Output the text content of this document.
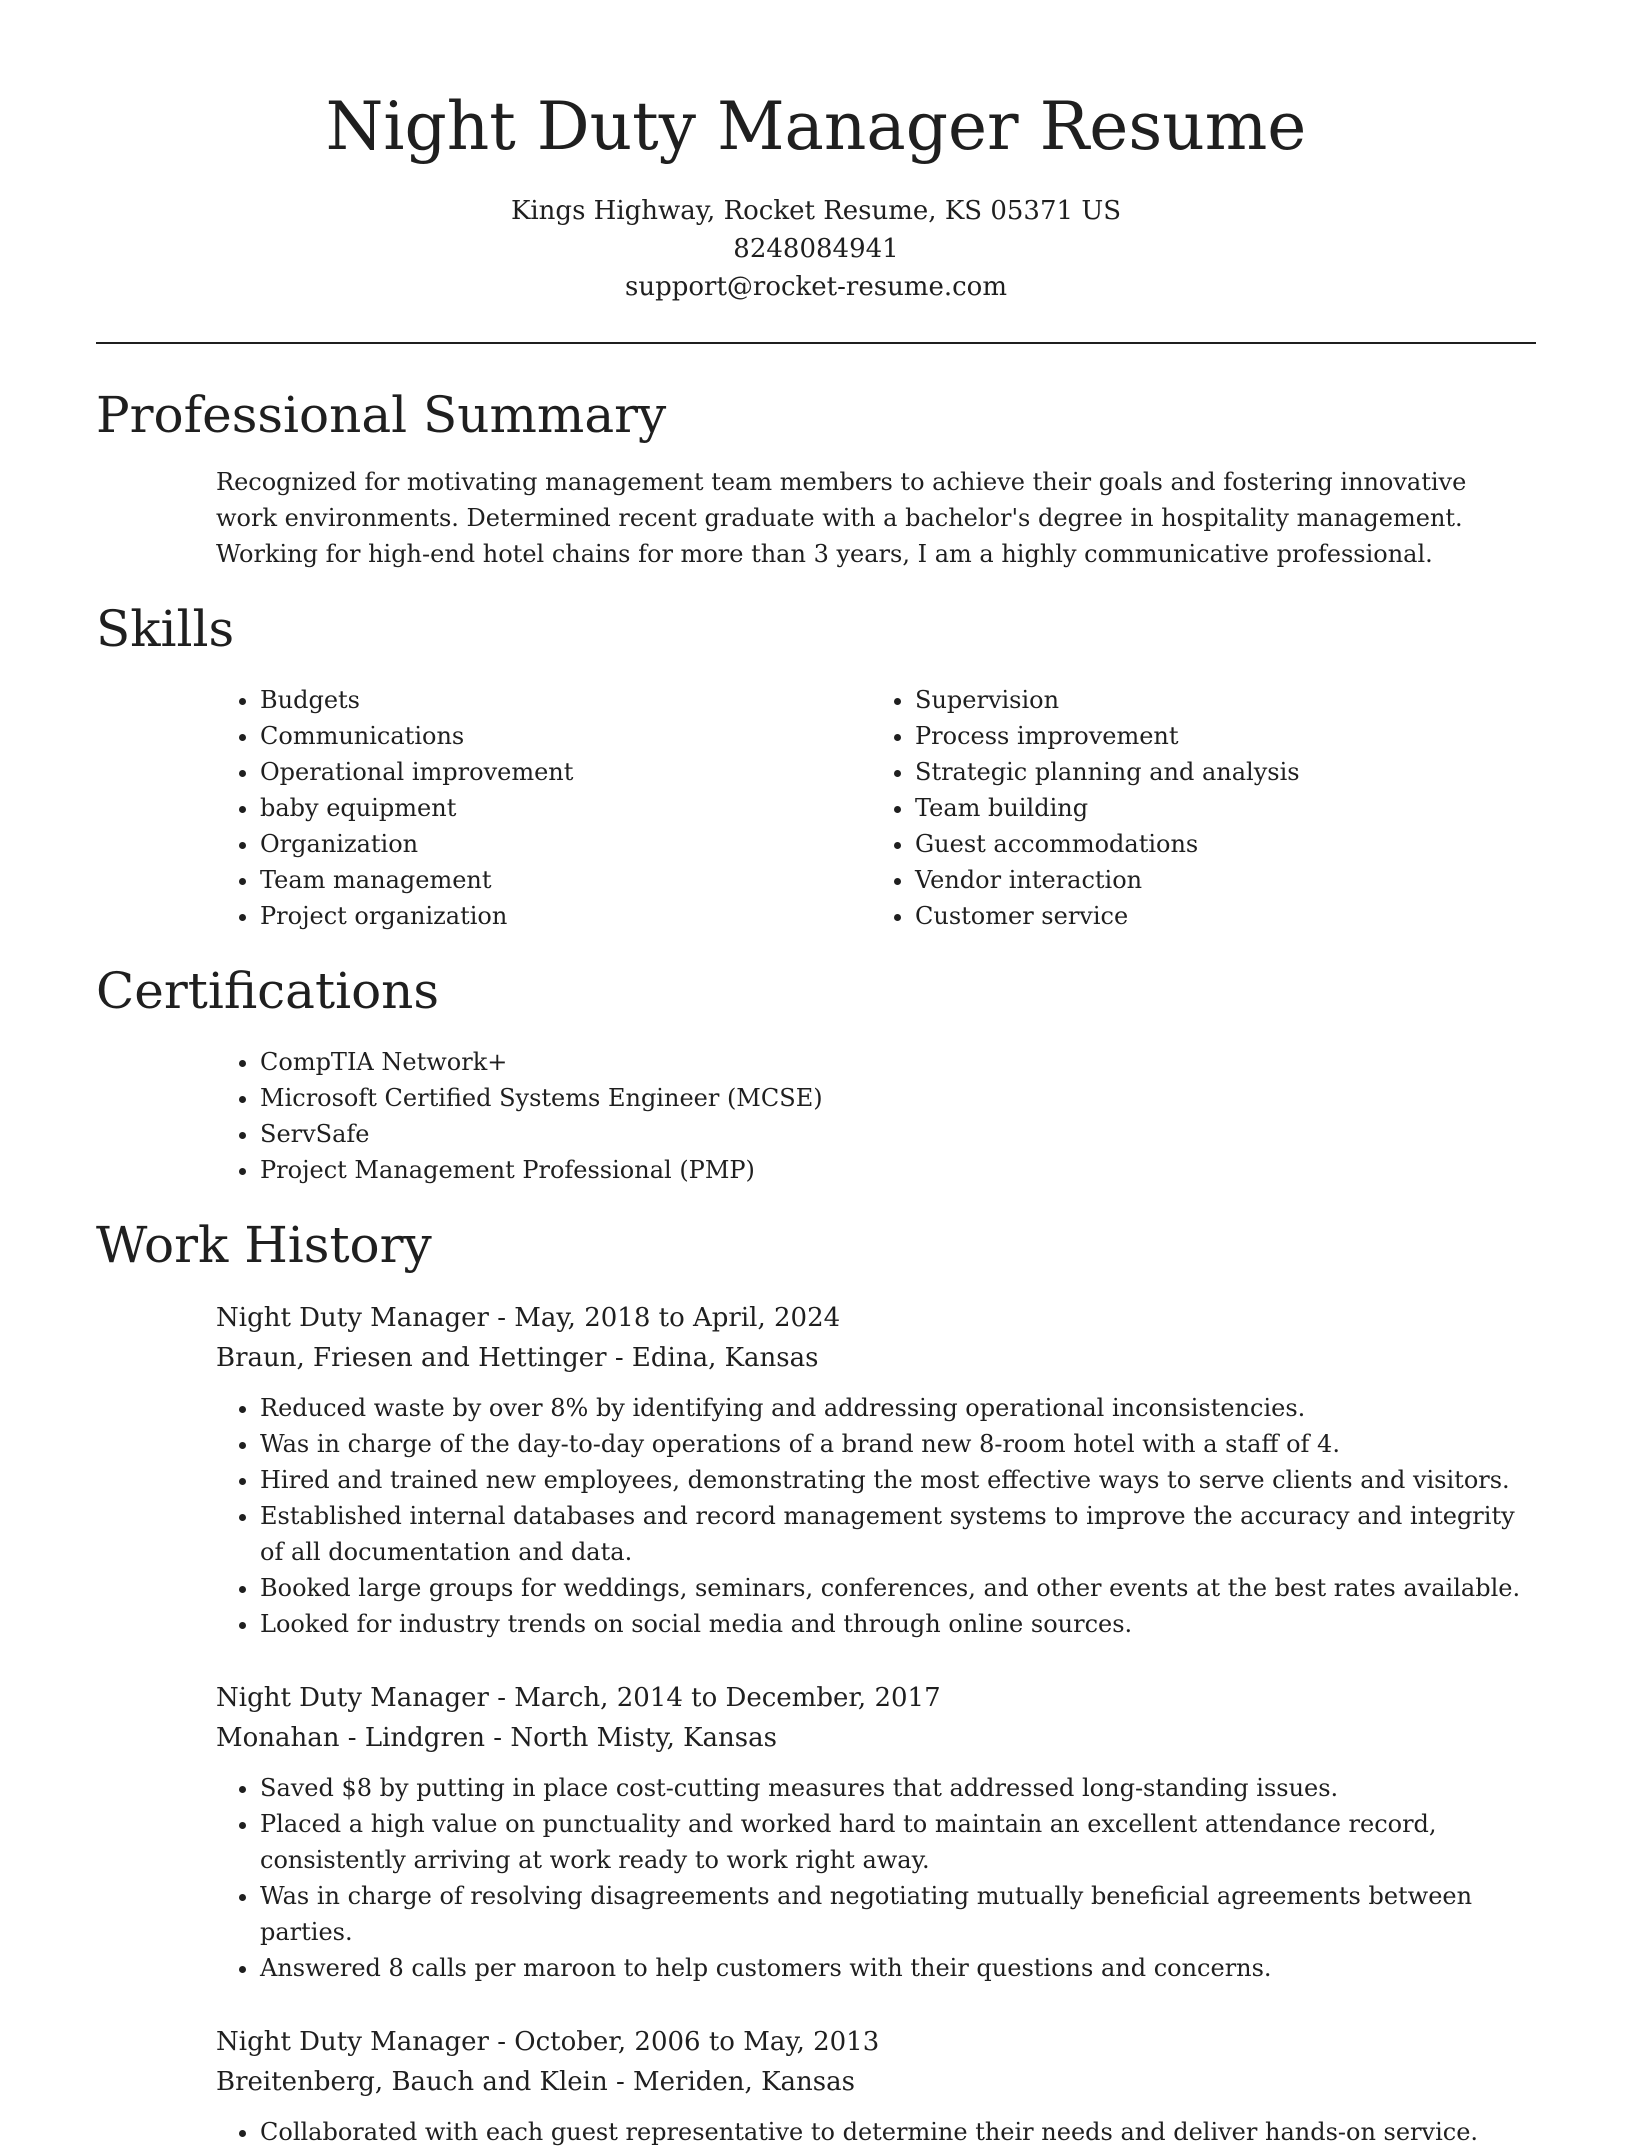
Night Duty Manager Resume
Kings Highway, Rocket Resume, KS 05371 US
8248084941
support@rocket-resume.com
Professional Summary

Recognized for motivating management team members to achieve their goals and fostering innovative work environments. Determined recent graduate with a bachelor's degree in hospitality management. Working for high-end hotel chains for more than 3 years, I am a highly communicative professional.

Skills
• Budgets
• Communications
• Operational improvement
• baby equipment
• Organization
• Team management
• Project organization
• Supervision
• Process improvement
• Strategic planning and analysis
• Team building
• Guest accommodations
• Vendor interaction
• Customer service
Certifications
• CompTIA Network+
• Microsoft Certified Systems Engineer (MCSE)
• ServSafe
• Project Management Professional (PMP)
Work History
Night Duty Manager - May, 2018 to April, 2024
Braun, Friesen and Hettinger - Edina, Kansas
• Reduced waste by over 8% by identifying and addressing operational inconsistencies.
• Was in charge of the day-to-day operations of a brand new 8-room hotel with a staff of 4.
• Hired and trained new employees, demonstrating the most effective ways to serve clients and visitors.
• Established internal databases and record management systems to improve the accuracy and integrity of all documentation and data.
• Booked large groups for weddings, seminars, conferences, and other events at the best rates available.
• Looked for industry trends on social media and through online sources.
Night Duty Manager - March, 2014 to December, 2017
Monahan - Lindgren - North Misty, Kansas
• Saved $8 by putting in place cost-cutting measures that addressed long-standing issues.
• Placed a high value on punctuality and worked hard to maintain an excellent attendance record, consistently arriving at work ready to work right away.
• Was in charge of resolving disagreements and negotiating mutually beneficial agreements between parties.
• Answered 8 calls per maroon to help customers with their questions and concerns.
Night Duty Manager - October, 2006 to May, 2013
Breitenberg, Bauch and Klein - Meriden, Kansas
• Collaborated with each guest representative to determine their needs and deliver hands-on service.
